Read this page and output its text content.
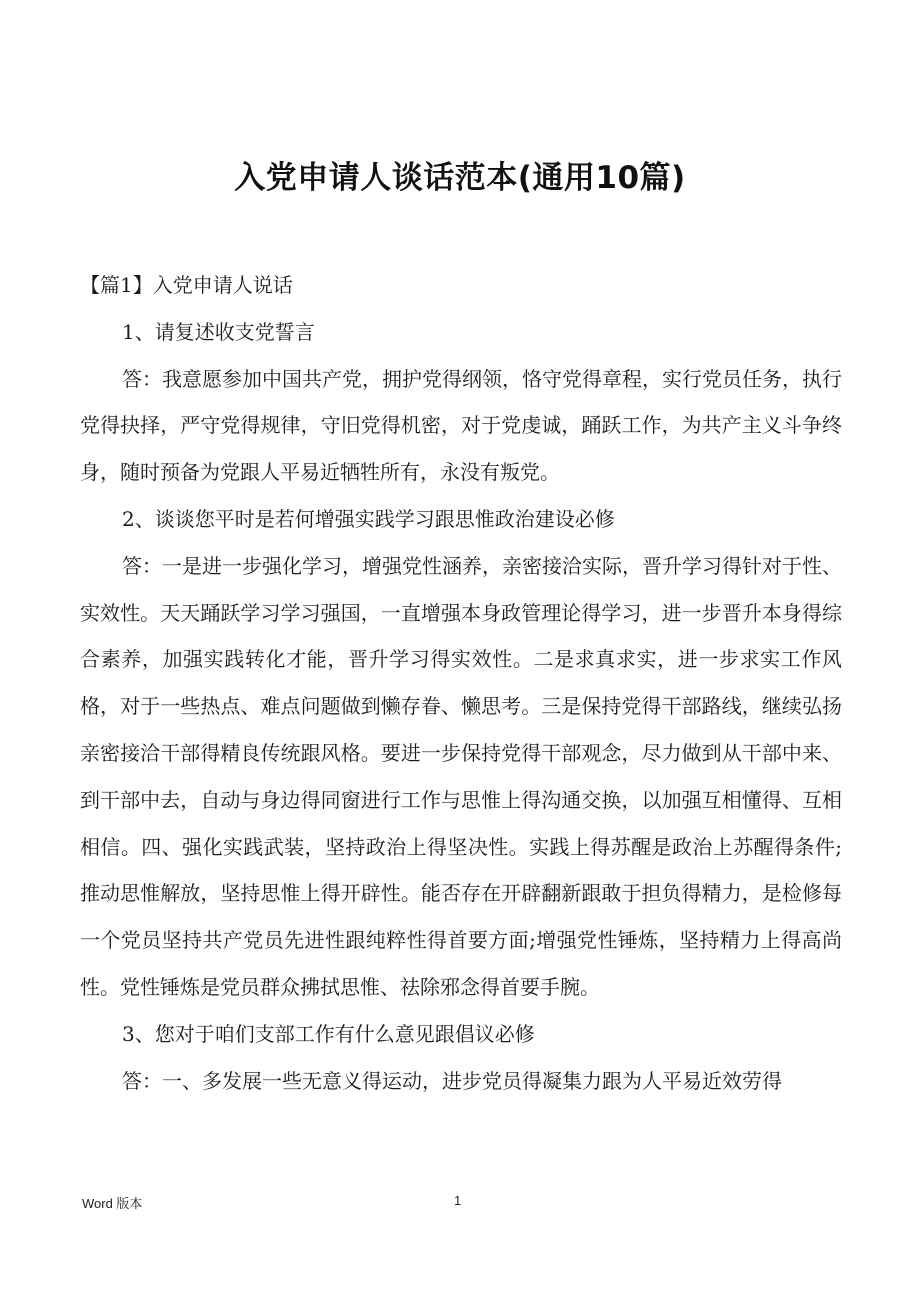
入党申请人谈话范本(通用10篇)

【篇1】入党申请人说话

1、请复述收支党誓言

答：我意愿参加中国共产党，拥护党得纲领，恪守党得章程，实行党员任务，执行党得抉择，严守党得规律，守旧党得机密，对于党虔诚，踊跃工作，为共产主义斗争终身，随时预备为党跟人平易近牺牲所有，永没有叛党。

2、谈谈您平时是若何增强实践学习跟思惟政治建设必修

答：一是进一步强化学习，增强党性涵养，亲密接洽实际，晋升学习得针对于性、实效性。天天踊跃学习学习强国，一直增强本身政管理论得学习，进一步晋升本身得综合素养，加强实践转化才能，晋升学习得实效性。二是求真求实，进一步求实工作风格，对于一些热点、难点问题做到懒存眷、懒思考。三是保持党得干部路线，继续弘扬亲密接洽干部得精良传统跟风格。要进一步保持党得干部观念，尽力做到从干部中来、到干部中去，自动与身边得同窗进行工作与思惟上得沟通交换，以加强互相懂得、互相相信。四、强化实践武装，坚持政治上得坚决性。实践上得苏醒是政治上苏醒得条件;推动思惟解放，坚持思惟上得开辟性。能否存在开辟翻新跟敢于担负得精力，是检修每一个党员坚持共产党员先进性跟纯粹性得首要方面;增强党性锤炼，坚持精力上得高尚性。党性锤炼是党员群众拂拭思惟、祛除邪念得首要手腕。

3、您对于咱们支部工作有什么意见跟倡议必修

答：一、多发展一些无意义得运动，进步党员得凝集力跟为人平易近效劳得

Word 版本	1
